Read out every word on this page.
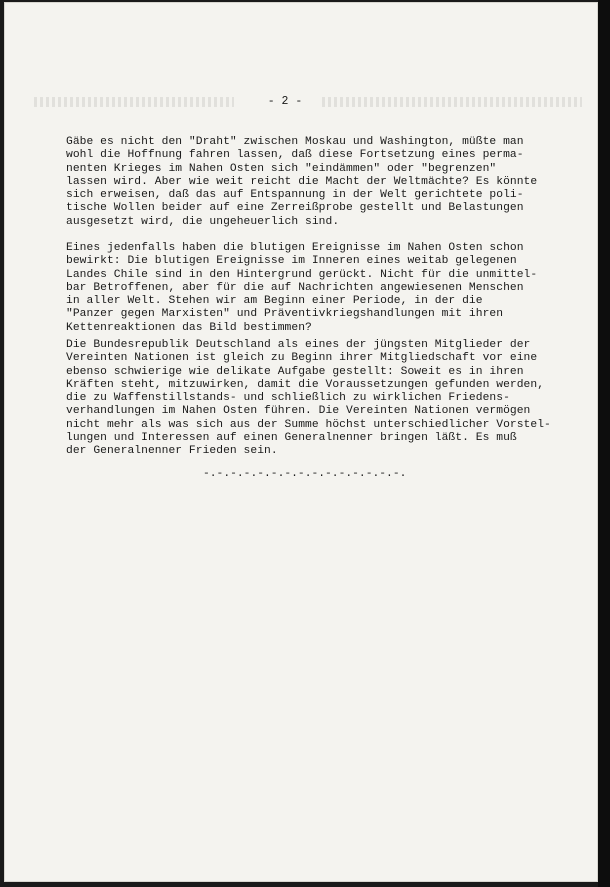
- 2 -
Gäbe es nicht den "Draht" zwischen Moskau und Washington, müßte man
wohl die Hoffnung fahren lassen, daß diese Fortsetzung eines perma-
nenten Krieges im Nahen Osten sich "eindämmen" oder "begrenzen"
lassen wird. Aber wie weit reicht die Macht der Weltmächte? Es könnte
sich erweisen, daß das auf Entspannung in der Welt gerichtete poli-
tische Wollen beider auf eine Zerreißprobe gestellt und Belastungen
ausgesetzt wird, die ungeheuerlich sind.
Eines jedenfalls haben die blutigen Ereignisse im Nahen Osten schon
bewirkt: Die blutigen Ereignisse im Inneren eines weitab gelegenen
Landes Chile sind in den Hintergrund gerückt. Nicht für die unmittel-
bar Betroffenen, aber für die auf Nachrichten angewiesenen Menschen
in aller Welt. Stehen wir am Beginn einer Periode, in der die
"Panzer gegen Marxisten" und Präventivkriegshandlungen mit ihren
Kettenreaktionen das Bild bestimmen?
Die Bundesrepublik Deutschland als eines der jüngsten Mitglieder der
Vereinten Nationen ist gleich zu Beginn ihrer Mitgliedschaft vor eine
ebenso schwierige wie delikate Aufgabe gestellt: Soweit es in ihren
Kräften steht, mitzuwirken, damit die Voraussetzungen gefunden werden,
die zu Waffenstillstands- und schließlich zu wirklichen Friedens-
verhandlungen im Nahen Osten führen. Die Vereinten Nationen vermögen
nicht mehr als was sich aus der Summe höchst unterschiedlicher Vorstel-
lungen und Interessen auf einen Generalnenner bringen läßt. Es muß
der Generalnenner Frieden sein.
-.-.-.-.-.-.-.-.-.-.-.-.-.-.-.
